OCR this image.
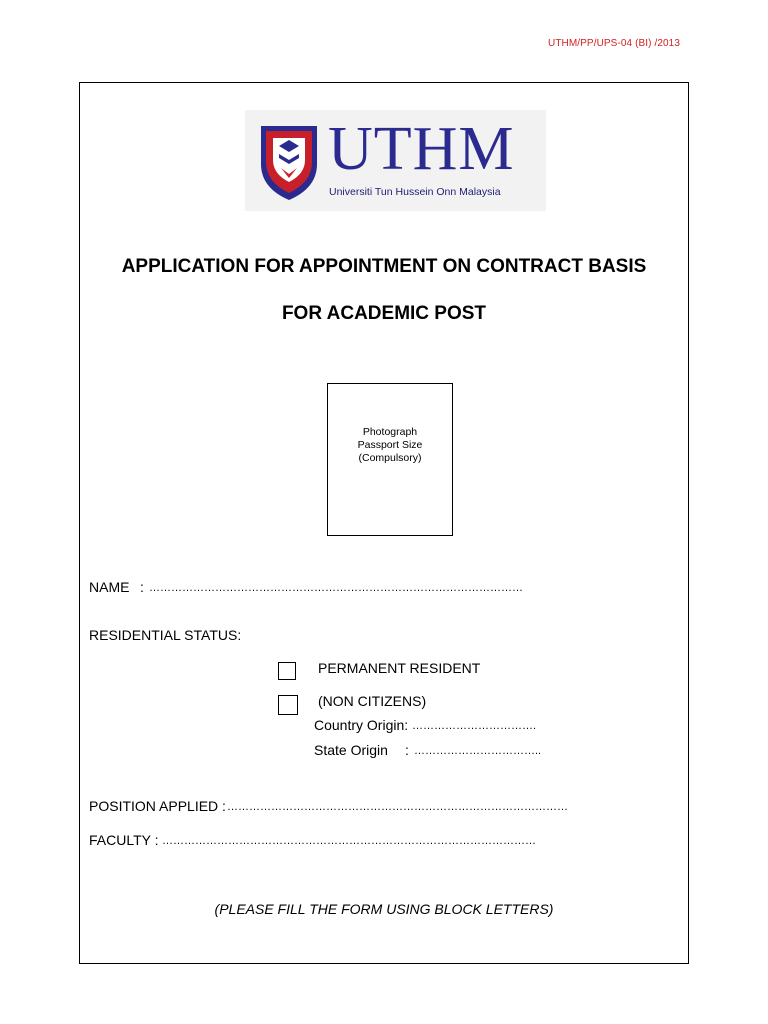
UTHM/PP/UPS-04 (BI) /2013
UTHM
Universiti Tun Hussein Onn Malaysia
APPLICATION FOR APPOINTMENT ON CONTRACT BASIS
FOR ACADEMIC POST
Photograph
Passport Size
(Compulsory)
NAME : …………………………………………………………………………………………
RESIDENTIAL STATUS:
PERMANENT RESIDENT
(NON CITIZENS)
Country Origin: …………………………….
State Origin : ……………………………..
POSITION APPLIED : …………………………………………………………………………………
FACULTY : …………………………………………………………………………………………
(PLEASE FILL THE FORM USING BLOCK LETTERS)
